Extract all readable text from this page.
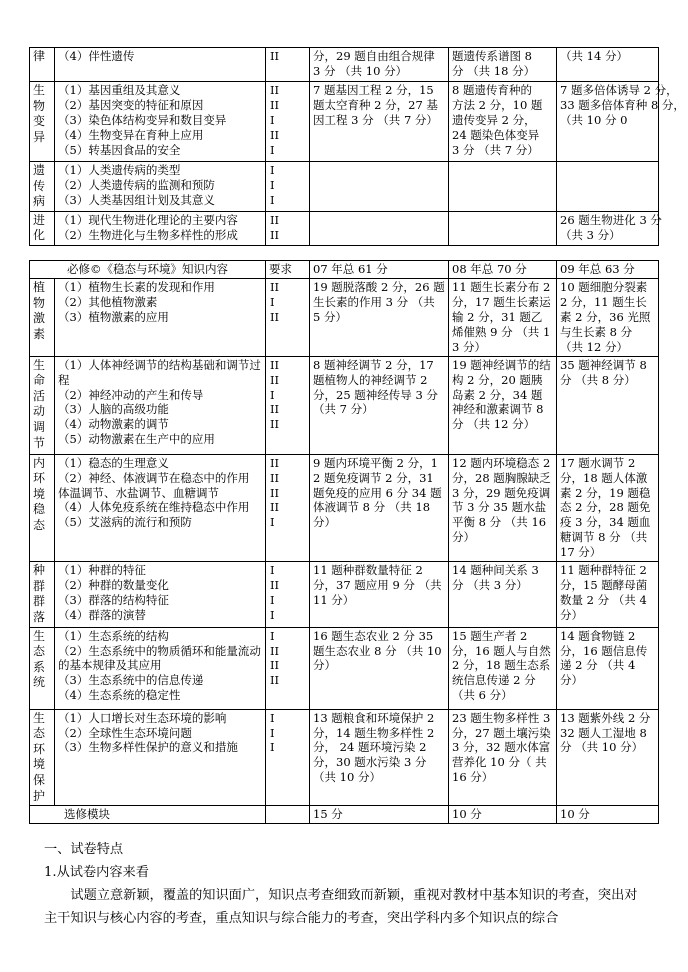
律	（4）伴性遗传	II	分，29 题自由组合规律
3 分 （共 10 分）	题遗传系谱图 8
分 （共 18 分）	（共 14 分）

生物变异	（1）基因重组及其意义
（2）基因突变的特征和原因
（3）染色体结构变异和数目变异
（4）生物变异在育种上应用
（5）转基因食品的安全	II
II
I
II
I	7 题基因工程 2 分，15
题太空育种 2 分，27 基
因工程 3 分 （共 7 分）	8 题遗传育种的
方法 2 分，10 题
遗传变异 2 分，
24 题染色体变异
3 分 （共 7 分）	7 题多倍体诱导 2 分，
33 题多倍体育种 8 分，
（共 10 分 0

遗传病	（1）人类遗传病的类型
（2）人类遗传病的监测和预防
（3）人类基因组计划及其意义	I
I
I			

进化	（1）现代生物进化理论的主要内容
（2）生物进化与生物多样性的形成	II
II			26 题生物进化 3 分
（共 3 分）
必修©《稳态与环境》知识内容		要求	07 年总 61 分	08 年总 70 分	09 年总 63 分
植物激素	（1）植物生长素的发现和作用
（2）其他植物激素
（3）植物激素的应用	II
I
II	19 题脱落酸 2 分，26 题生长素的作用 3 分 （共 5 分）	11 题生长素分布 2 分，17 题生长素运输 2 分，31 题乙烯催熟 9 分 （共 13 分）	10 题细胞分裂素 2 分，11 题生长素 2 分，36 光照与生长素 8 分 （共 12 分）

生命活动调节	（1）人体神经调节的结构基础和调节过程
（2）神经冲动的产生和传导
（3）人脑的高级功能
（4）动物激素的调节
（5）动物激素在生产中的应用	II
II
I
II
II	8 题神经调节 2 分，17 题植物人的神经调节 2 分，25 题神经传导 3 分 （共 7 分）	19 题神经调节的结构 2 分，20 题胰岛素 2 分，34 题神经和激素调节 8 分 （共 12 分）	35 题神经调节 8 分 （共 8 分）

内环境稳态	（1）稳态的生理意义
（2）神经、体液调节在稳态中的作用
体温调节、水盐调节、血糖调节
（4）人体免疫系统在维持稳态中作用
（5）艾滋病的流行和预防	II
II
II
II
I	9 题内环境平衡 2 分，12 题免疫调节 2 分，31 题免疫的应用 6 分 34 题体液调节 8 分 （共 18 分）	12 题内环境稳态 2 分，28 题胸腺缺乏 3 分，29 题免疫调节 3 分 35 题水盐平衡 8 分 （共 16 分）	17 题水调节 2 分，18 题人体激素 2 分，19 题稳态 2 分，28 题免疫 3 分，34 题血糖调节 8 分 （共 17 分）

种群群落	（1）种群的特征
（2）种群的数量变化
（3）群落的结构特征
（4）群落的演替	I
II
I
I	11 题种群数量特征 2 分，37 题应用 9 分 （共 11 分）	14 题种间关系 3 分 （共 3 分）	11 题种群特征 2 分，15 题酵母菌数量 2 分 （共 4 分）

生态系统	（1）生态系统的结构
（2）生态系统中的物质循环和能量流动的基本规律及其应用
（3）生态系统中的信息传递
（4）生态系统的稳定性	I
II
II
II	16 题生态农业 2 分 35 题生态农业 8 分 （共 10 分）	15 题生产者 2 分，16 题人与自然 2 分，18 题生态系统信息传递 2 分 （共 6 分）	14 题食物链 2 分，16 题信息传递 2 分 （共 4 分）

生态环境保护	（1）人口增长对生态环境的影响
（2）全球性生态环境问题
（3）生物多样性保护的意义和措施	I
I
I	13 题粮食和环境保护 2 分，14 题生物多样性 2 分， 24 题环境污染 2 分，30 题水污染 3 分 （共 10 分）	23 题生物多样性 3 分，27 题土壤污染 3 分，32 题水体富营养化 10 分（ 共 16 分）	13 题紫外线 2 分 32 题人工湿地 8 分 （共 10 分）

选修模块			15 分	10 分	10 分

一、试卷特点

1.从试卷内容来看

试题立意新颖，覆盖的知识面广，知识点考查细致而新颖，重视对教材中基本知识的考查，突出对主干知识与核心内容的考查，重点知识与综合能力的考查，突出学科内多个知识点的综合
